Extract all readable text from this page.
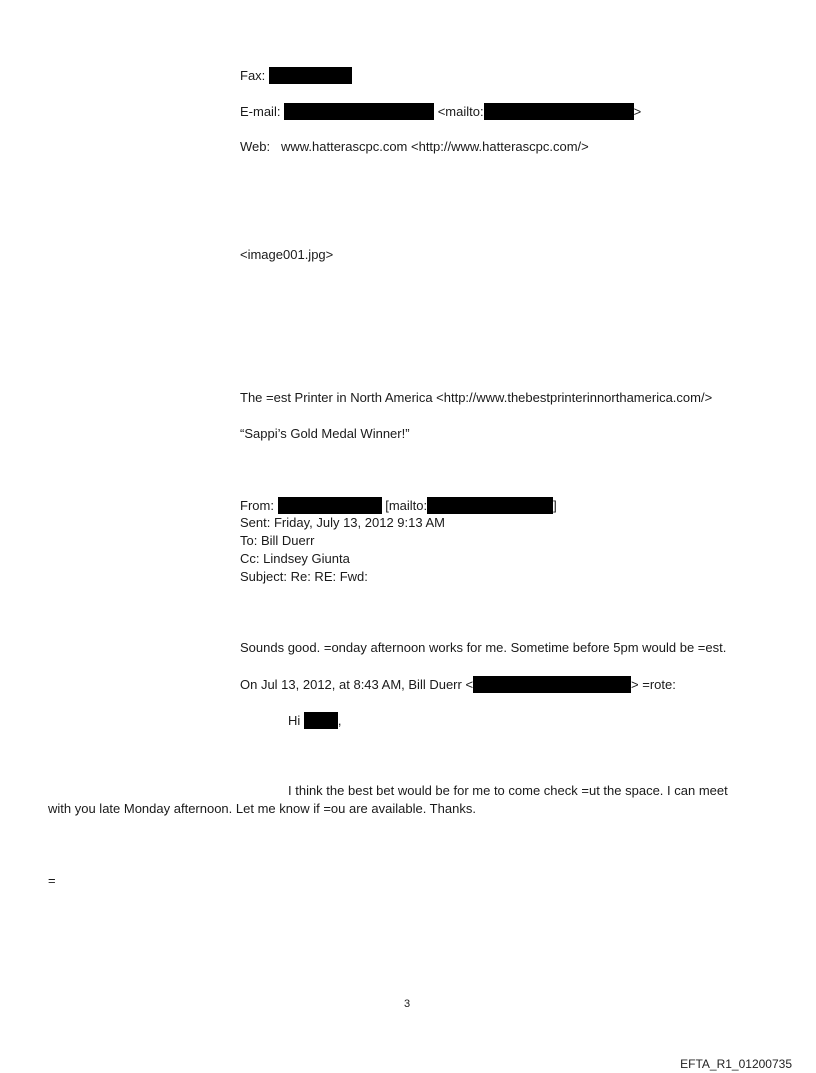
Fax:
E-mail:	<mailto:	>
Web: www.hatterascpc.com <http://www.hatterascpc.com/>
<image001.jpg>
The =est Printer in North America <http://www.thebestprinterinnorthamerica.com/>
“Sappi’s Gold Medal Winner!”
From:	[mailto:	]
Sent: Friday, July 13, 2012 9:13 AM
To: Bill Duerr
Cc: Lindsey Giunta
Subject: Re: RE: Fwd:
Sounds good. =onday afternoon works for me. Sometime before 5pm would be =est.
On Jul 13, 2012, at 8:43 AM, Bill Duerr <	> =rote:
Hi	,
I think the best bet would be for me to come check =ut the space. I can meet
with you late Monday afternoon. Let me know if =ou are available. Thanks.
=
3
EFTA_R1_01200735
